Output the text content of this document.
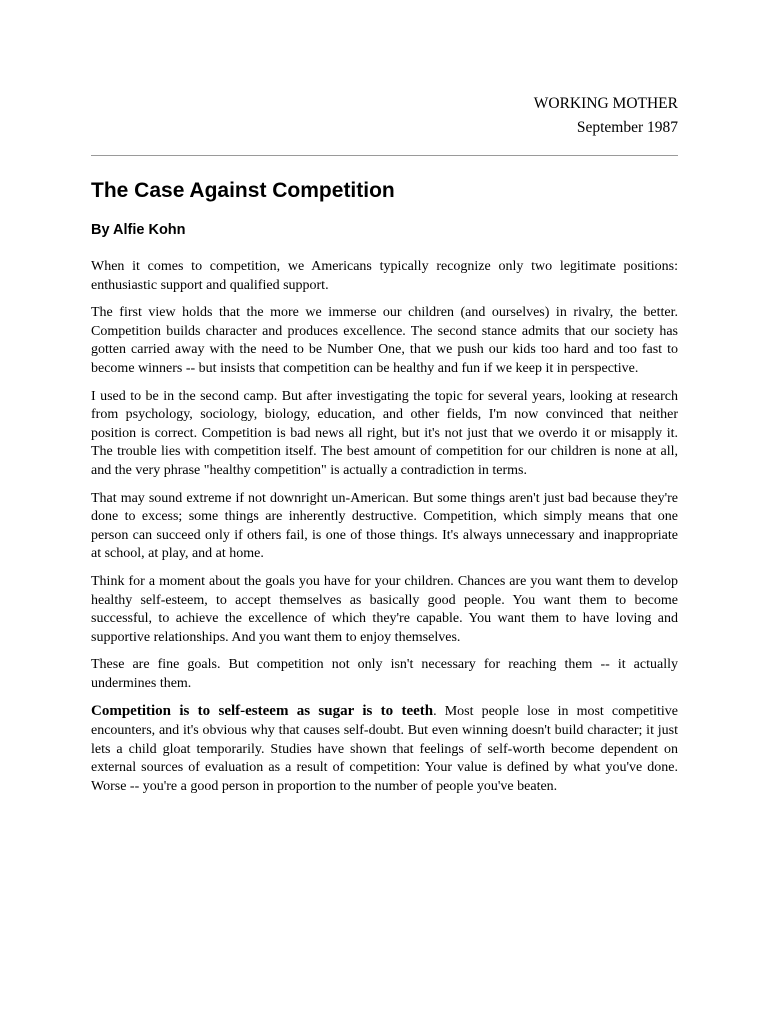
WORKING MOTHER
September 1987
The Case Against Competition
By Alfie Kohn

When it comes to competition, we Americans typically recognize only two legitimate positions: enthusiastic support and qualified support.

The first view holds that the more we immerse our children (and ourselves) in rivalry, the better. Competition builds character and produces excellence. The second stance admits that our society has gotten carried away with the need to be Number One, that we push our kids too hard and too fast to become winners -- but insists that competition can be healthy and fun if we keep it in perspective.

I used to be in the second camp. But after investigating the topic for several years, looking at research from psychology, sociology, biology, education, and other fields, I'm now convinced that neither position is correct. Competition is bad news all right, but it's not just that we overdo it or misapply it. The trouble lies with competition itself. The best amount of competition for our children is none at all, and the very phrase "healthy competition" is actually a contradiction in terms.

That may sound extreme if not downright un-American. But some things aren't just bad because they're done to excess; some things are inherently destructive. Competition, which simply means that one person can succeed only if others fail, is one of those things. It's always unnecessary and inappropriate at school, at play, and at home.

Think for a moment about the goals you have for your children. Chances are you want them to develop healthy self-esteem, to accept themselves as basically good people. You want them to become successful, to achieve the excellence of which they're capable. You want them to have loving and supportive relationships. And you want them to enjoy themselves.

These are fine goals. But competition not only isn't necessary for reaching them -- it actually undermines them.

Competition is to self-esteem as sugar is to teeth. Most people lose in most competitive encounters, and it's obvious why that causes self-doubt. But even winning doesn't build character; it just lets a child gloat temporarily. Studies have shown that feelings of self-worth become dependent on external sources of evaluation as a result of competition: Your value is defined by what you've done. Worse -- you're a good person in proportion to the number of people you've beaten.
